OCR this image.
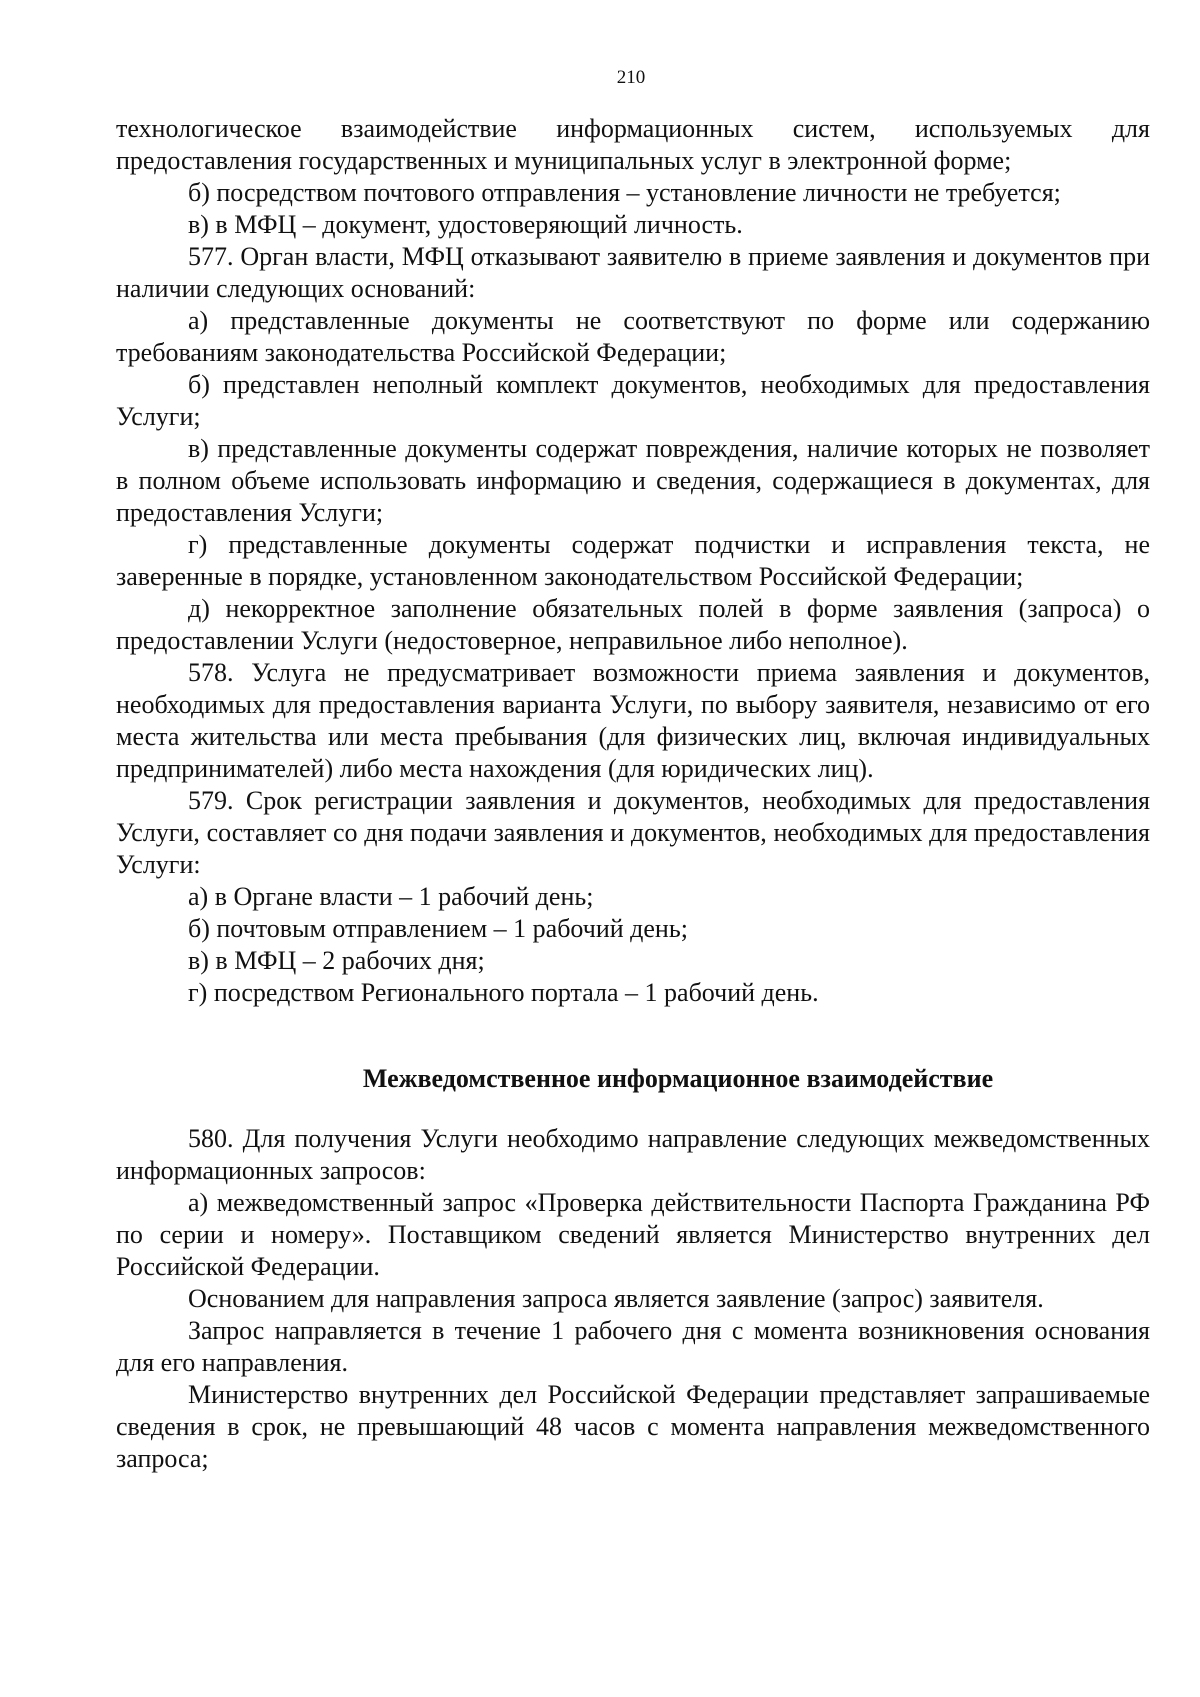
210

технологическое взаимодействие информационных систем, используемых для предоставления государственных и муниципальных услуг в электронной форме;

б) посредством почтового отправления – установление личности не требуется;

в) в МФЦ – документ, удостоверяющий личность.

577. Орган власти, МФЦ отказывают заявителю в приеме заявления и документов при наличии следующих оснований:

а) представленные документы не соответствуют по форме или содержанию требованиям законодательства Российской Федерации;

б) представлен неполный комплект документов, необходимых для предоставления Услуги;

в) представленные документы содержат повреждения, наличие которых не позволяет в полном объеме использовать информацию и сведения, содержащиеся в документах, для предоставления Услуги;

г) представленные документы содержат подчистки и исправления текста, не заверенные в порядке, установленном законодательством Российской Федерации;

д) некорректное заполнение обязательных полей в форме заявления (запроса) о предоставлении Услуги (недостоверное, неправильное либо неполное).

578. Услуга не предусматривает возможности приема заявления и документов, необходимых для предоставления варианта Услуги, по выбору заявителя, независимо от его места жительства или места пребывания (для физических лиц, включая индивидуальных предпринимателей) либо места нахождения (для юридических лиц).

579. Срок регистрации заявления и документов, необходимых для предоставления Услуги, составляет со дня подачи заявления и документов, необходимых для предоставления Услуги:

а) в Органе власти – 1 рабочий день;

б) почтовым отправлением – 1 рабочий день;

в) в МФЦ – 2 рабочих дня;

г) посредством Регионального портала – 1 рабочий день.

Межведомственное информационное взаимодействие

580. Для получения Услуги необходимо направление следующих межведомственных информационных запросов:

а) межведомственный запрос «Проверка действительности Паспорта Гражданина РФ по серии и номеру». Поставщиком сведений является Министерство внутренних дел Российской Федерации.

Основанием для направления запроса является заявление (запрос) заявителя.

Запрос направляется в течение 1 рабочего дня с момента возникновения основания для его направления.

Министерство внутренних дел Российской Федерации представляет запрашиваемые сведения в срок, не превышающий 48 часов с момента направления межведомственного запроса;
